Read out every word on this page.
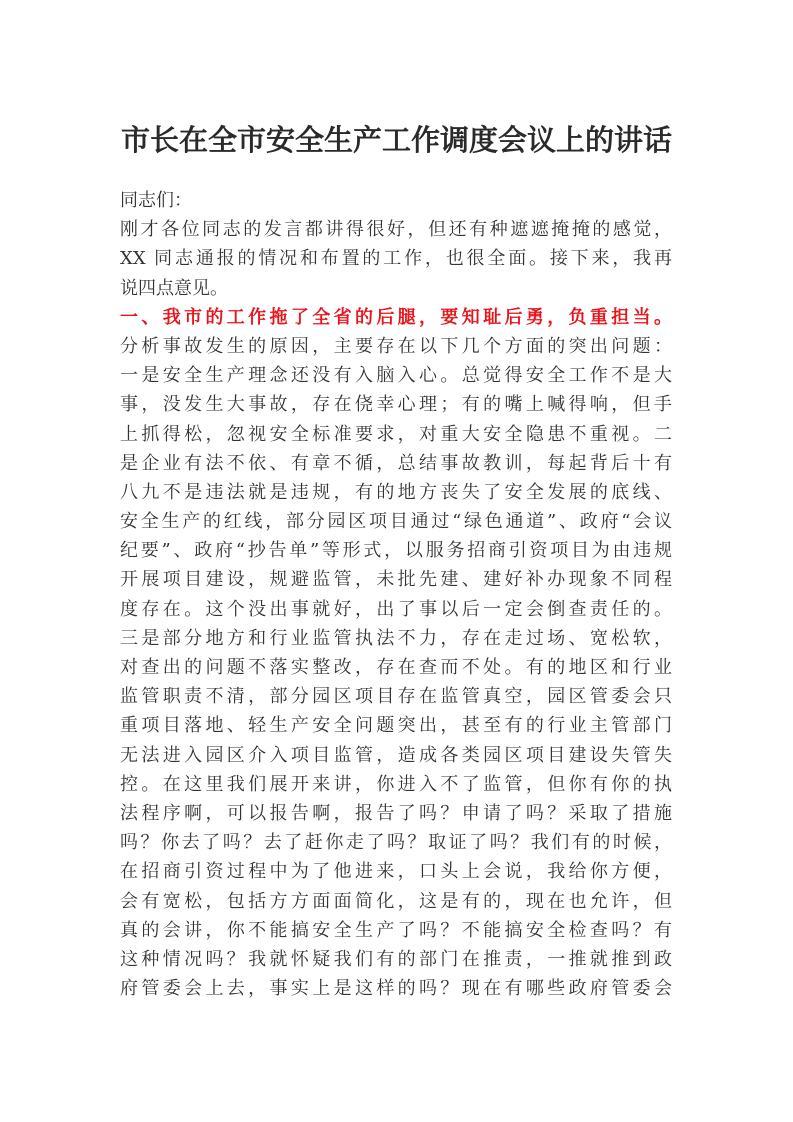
市长在全市安全生产工作调度会议上的讲话
同志们：
刚才各位同志的发言都讲得很好，但还有种遮遮掩掩的感觉，
XX 同志通报的情况和布置的工作，也很全面。接下来，我再
说四点意见。
一、我市的工作拖了全省的后腿，要知耻后勇，负重担当。
分析事故发生的原因，主要存在以下几个方面的突出问题：
一是安全生产理念还没有入脑入心。总觉得安全工作不是大
事，没发生大事故，存在侥幸心理；有的嘴上喊得响，但手
上抓得松，忽视安全标准要求，对重大安全隐患不重视。二
是企业有法不依、有章不循，总结事故教训，每起背后十有
八九不是违法就是违规，有的地方丧失了安全发展的底线、
安全生产的红线，部分园区项目通过“绿色通道”、政府“会议
纪要”、政府“抄告单”等形式，以服务招商引资项目为由违规
开展项目建设，规避监管，未批先建、建好补办现象不同程
度存在。这个没出事就好，出了事以后一定会倒查责任的。
三是部分地方和行业监管执法不力，存在走过场、宽松软，
对查出的问题不落实整改，存在查而不处。有的地区和行业
监管职责不清，部分园区项目存在监管真空，园区管委会只
重项目落地、轻生产安全问题突出，甚至有的行业主管部门
无法进入园区介入项目监管，造成各类园区项目建设失管失
控。在这里我们展开来讲，你进入不了监管，但你有你的执
法程序啊，可以报告啊，报告了吗？申请了吗？采取了措施
吗？你去了吗？去了赶你走了吗？取证了吗？我们有的时候，
在招商引资过程中为了他进来，口头上会说，我给你方便，
会有宽松，包括方方面面简化，这是有的，现在也允许，但
真的会讲，你不能搞安全生产了吗？不能搞安全检查吗？有
这种情况吗？我就怀疑我们有的部门在推责，一推就推到政
府管委会上去，事实上是这样的吗？现在有哪些政府管委会
